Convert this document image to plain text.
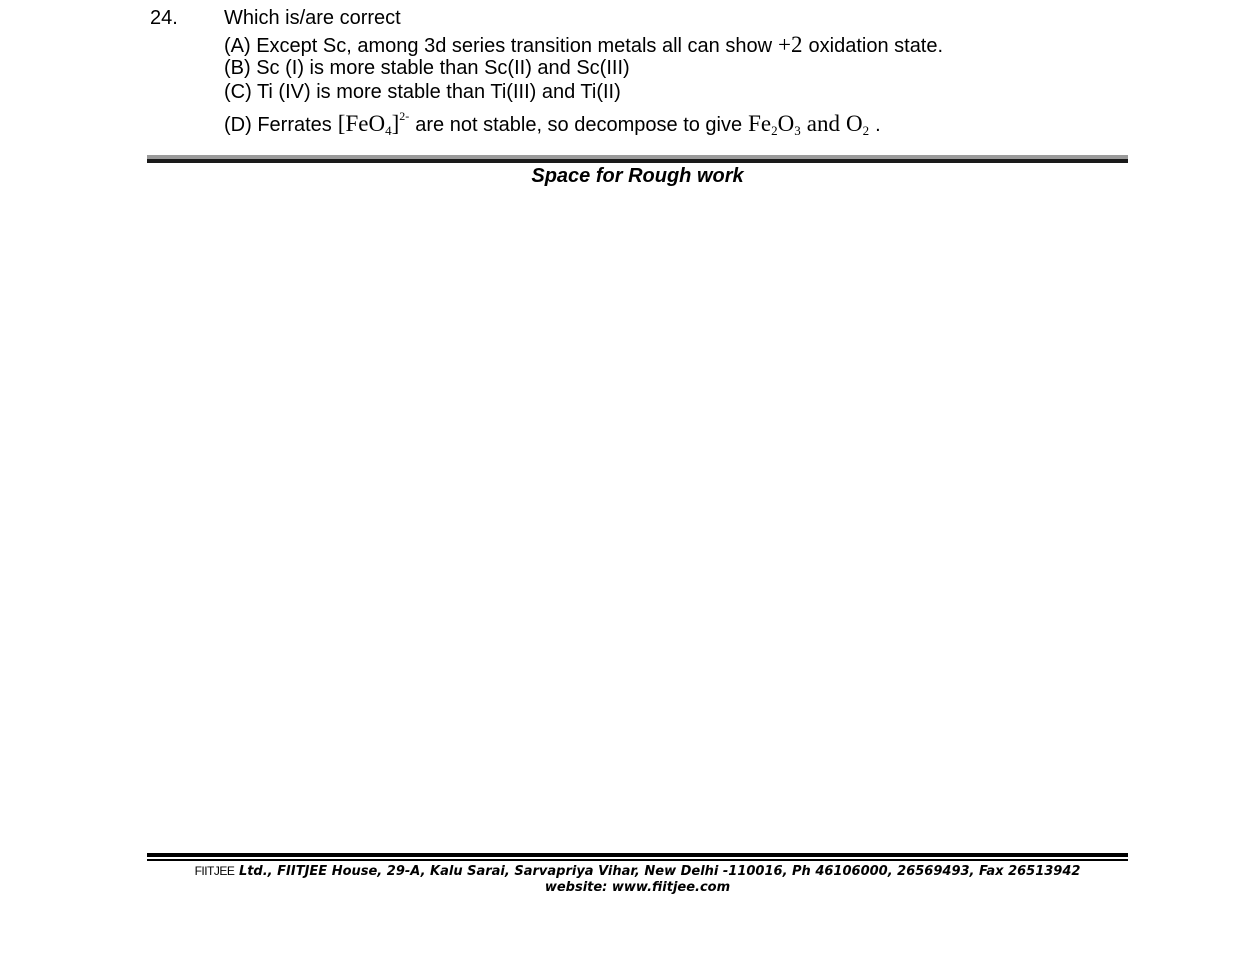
24. Which is/are correct
(A) Except Sc, among 3d series transition metals all can show +2 oxidation state.
(B) Sc (I) is more stable than Sc(II) and Sc(III)
(C) Ti (IV) is more stable than Ti(III) and Ti(II)
(D) Ferrates $[FeO_4]^{2-}$ are not stable, so decompose to give $Fe_2O_3$ and $O_2$ .
Space for Rough work
FIITJEE Ltd., FIITJEE House, 29-A, Kalu Sarai, Sarvapriya Vihar, New Delhi -110016, Ph 46106000, 26569493, Fax 26513942
website: www.fiitjee.com
